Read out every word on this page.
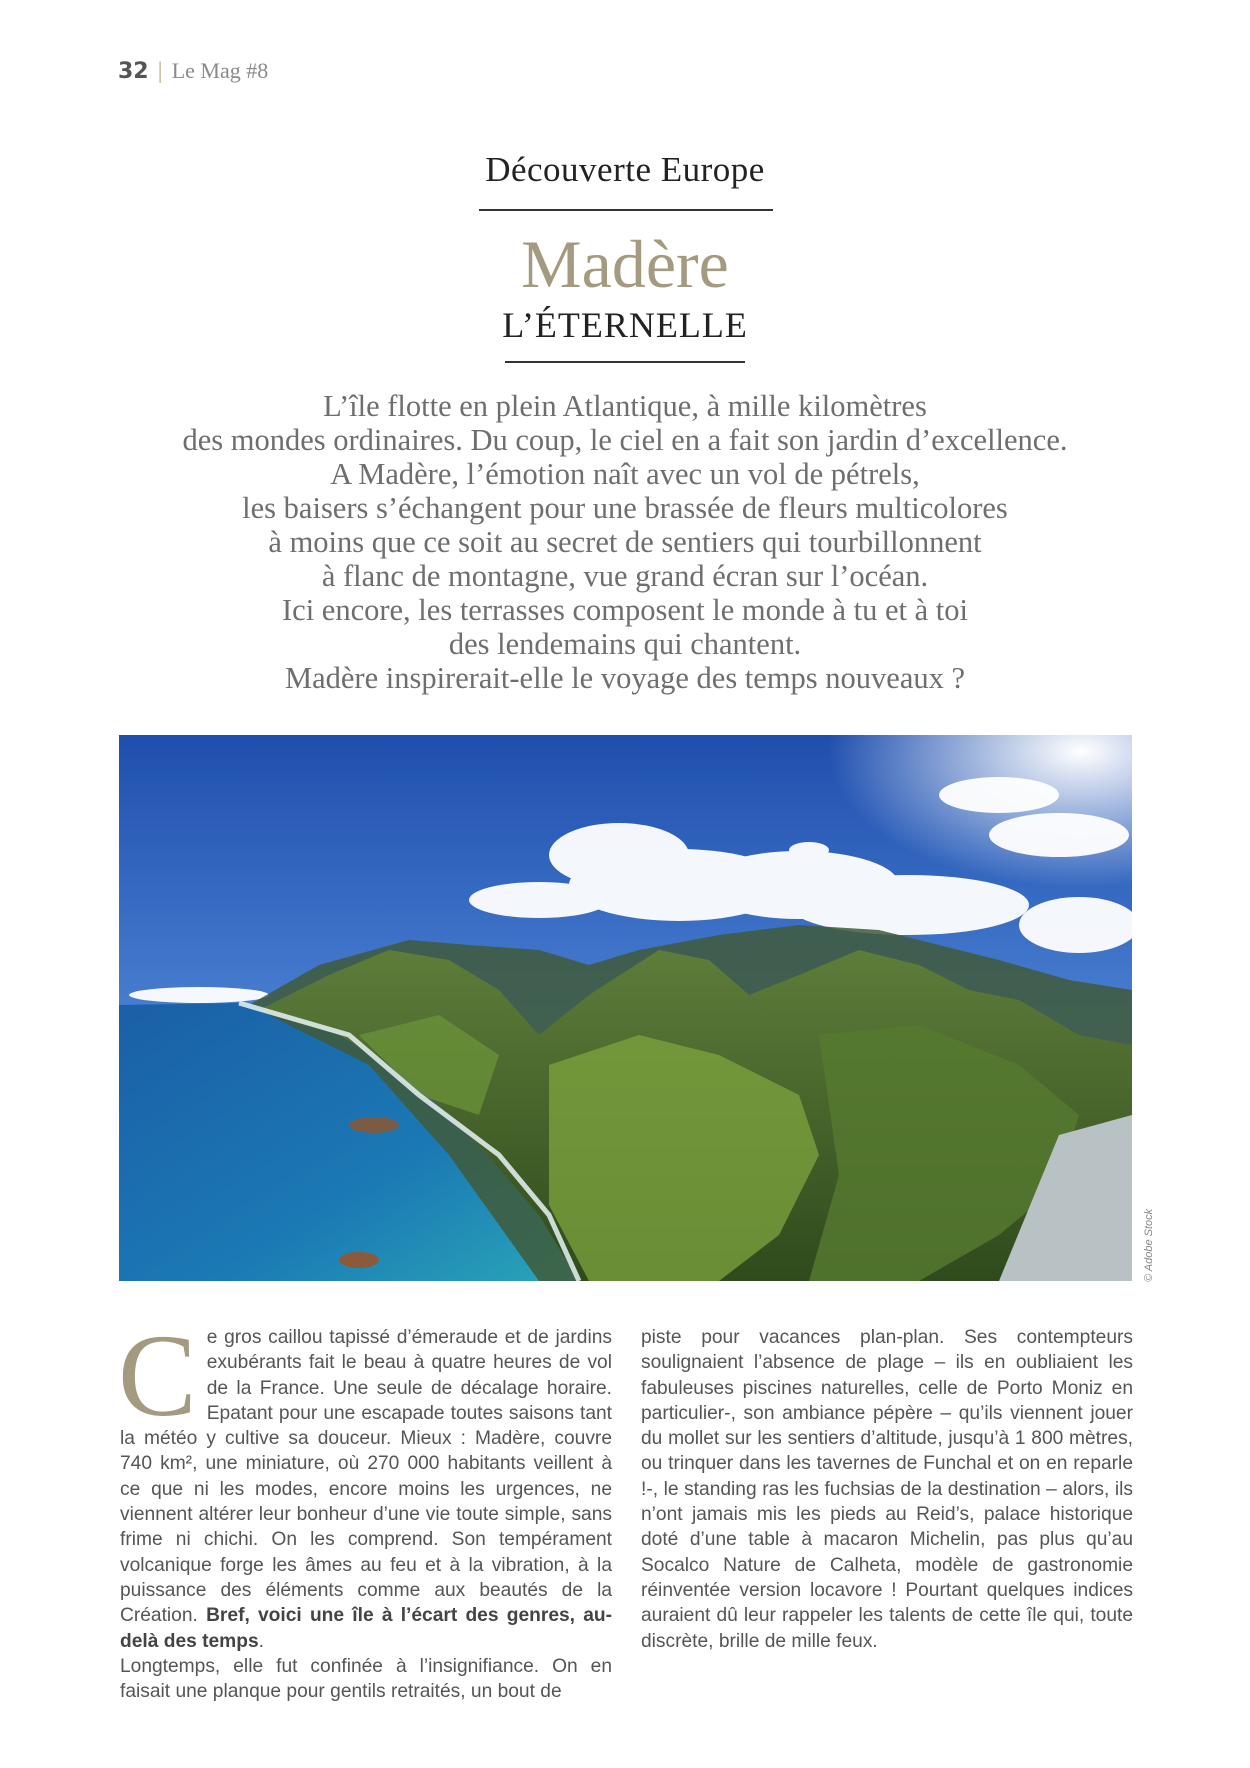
32 | Le Mag #8
Découverte Europe
Madère
L’ÉTERNELLE
L’île flotte en plein Atlantique, à mille kilomètres
des mondes ordinaires. Du coup, le ciel en a fait son jardin d’excellence.
A Madère, l’émotion naît avec un vol de pétrels,
les baisers s’échangent pour une brassée de fleurs multicolores
à moins que ce soit au secret de sentiers qui tourbillonnent
à flanc de montagne, vue grand écran sur l’océan.
Ici encore, les terrasses composent le monde à tu et à toi
des lendemains qui chantent.
Madère inspirerait-elle le voyage des temps nouveaux ?
© Adobe Stock
C e gros caillou tapissé d’émeraude et de jardins exubérants fait le beau à quatre heures de vol de la France. Une seule de décalage horaire. Epatant pour une escapade toutes saisons tant la météo y cultive sa douceur. Mieux : Madère, couvre 740 km², une miniature, où 270 000 habitants veillent à ce que ni les modes, encore moins les urgences, ne viennent altérer leur bonheur d’une vie toute simple, sans frime ni chichi. On les comprend. Son tempérament volcanique forge les âmes au feu et à la vibration, à la puissance des éléments comme aux beautés de la Création. Bref, voici une île à l’écart des genres, au-delà des temps.

Longtemps, elle fut confinée à l’insignifiance. On en faisait une planque pour gentils retraités, un bout de

piste pour vacances plan-plan. Ses contempteurs soulignaient l’absence de plage – ils en oubliaient les fabuleuses piscines naturelles, celle de Porto Moniz en particulier-, son ambiance pépère – qu’ils viennent jouer du mollet sur les sentiers d’altitude, jusqu’à 1 800 mètres, ou trinquer dans les tavernes de Funchal et on en reparle !-, le standing ras les fuchsias de la destination – alors, ils n’ont jamais mis les pieds au Reid’s, palace historique doté d’une table à macaron Michelin, pas plus qu’au Socalco Nature de Calheta, modèle de gastronomie réinventée version locavore ! Pourtant quelques indices auraient dû leur rappeler les talents de cette île qui, toute discrète, brille de mille feux.
